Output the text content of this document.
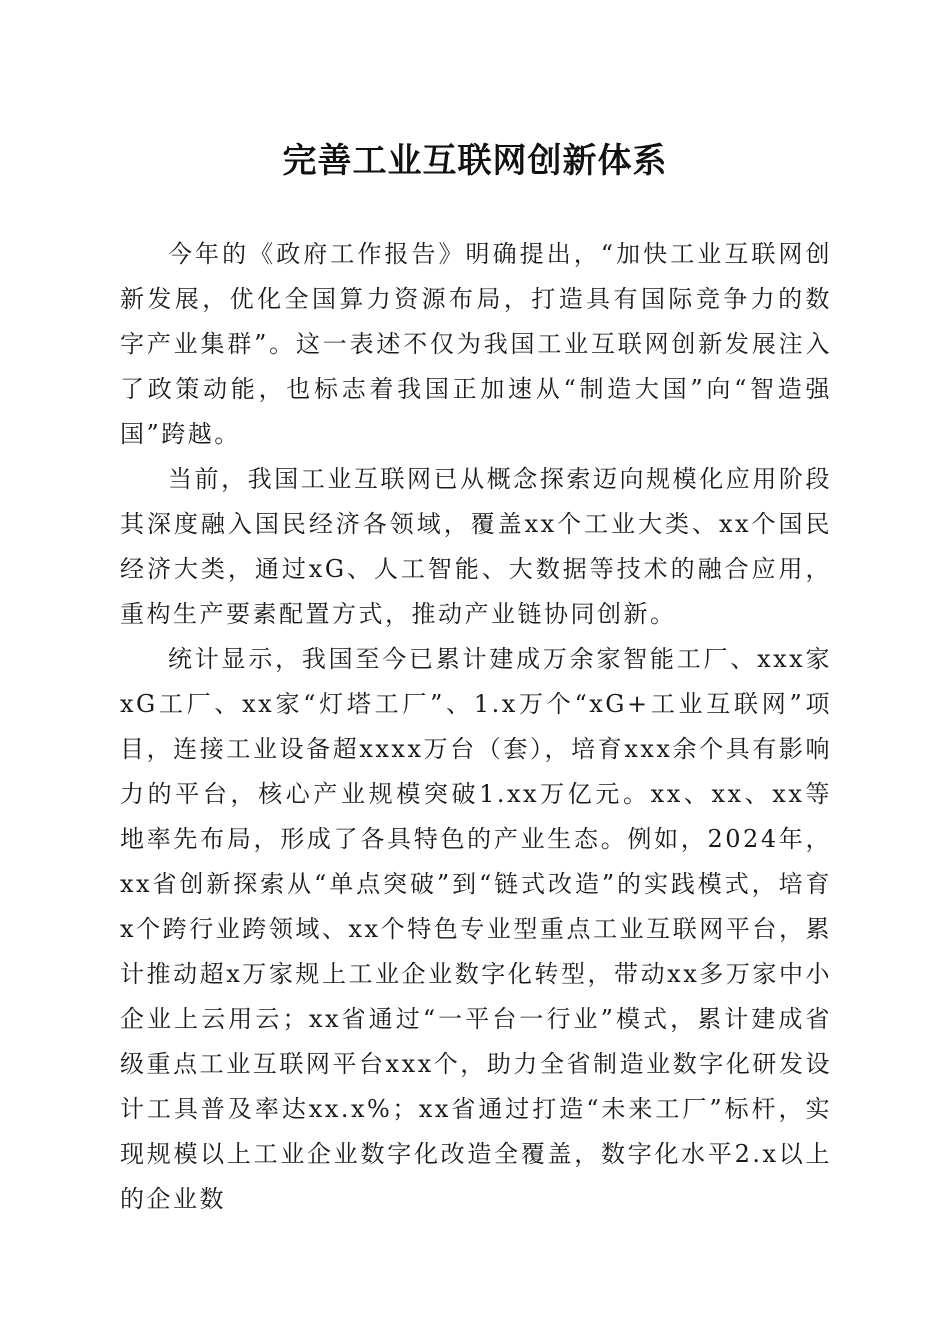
完善工业互联网创新体系

今年的《政府工作报告》明确提出，“加快工业互联网创新发展，优化全国算力资源布局，打造具有国际竞争力的数字产业集群”。这一表述不仅为我国工业互联网创新发展注入了政策动能，也标志着我国正加速从“制造大国”向“智造强国”跨越。

当前，我国工业互联网已从概念探索迈向规模化应用阶段其深度融入国民经济各领域，覆盖xx个工业大类、xx个国民经济大类，通过xG、人工智能、大数据等技术的融合应用，重构生产要素配置方式，推动产业链协同创新。

统计显示，我国至今已累计建成万余家智能工厂、xxx家xG工厂、xx家“灯塔工厂”、1.x万个“xG+工业互联网”项目，连接工业设备超xxxx万台（套），培育xxx余个具有影响力的平台，核心产业规模突破1.xx万亿元。xx、xx、xx等地率先布局，形成了各具特色的产业生态。例如，2024年，xx省创新探索从“单点突破”到“链式改造”的实践模式，培育x个跨行业跨领域、xx个特色专业型重点工业互联网平台，累计推动超x万家规上工业企业数字化转型，带动xx多万家中小企业上云用云；xx省通过“一平台一行业”模式，累计建成省级重点工业互联网平台xxx个，助力全省制造业数字化研发设计工具普及率达xx.x%；xx省通过打造“未来工厂”标杆，实现规模以上工业企业数字化改造全覆盖，数字化水平2.x以上的企业数
